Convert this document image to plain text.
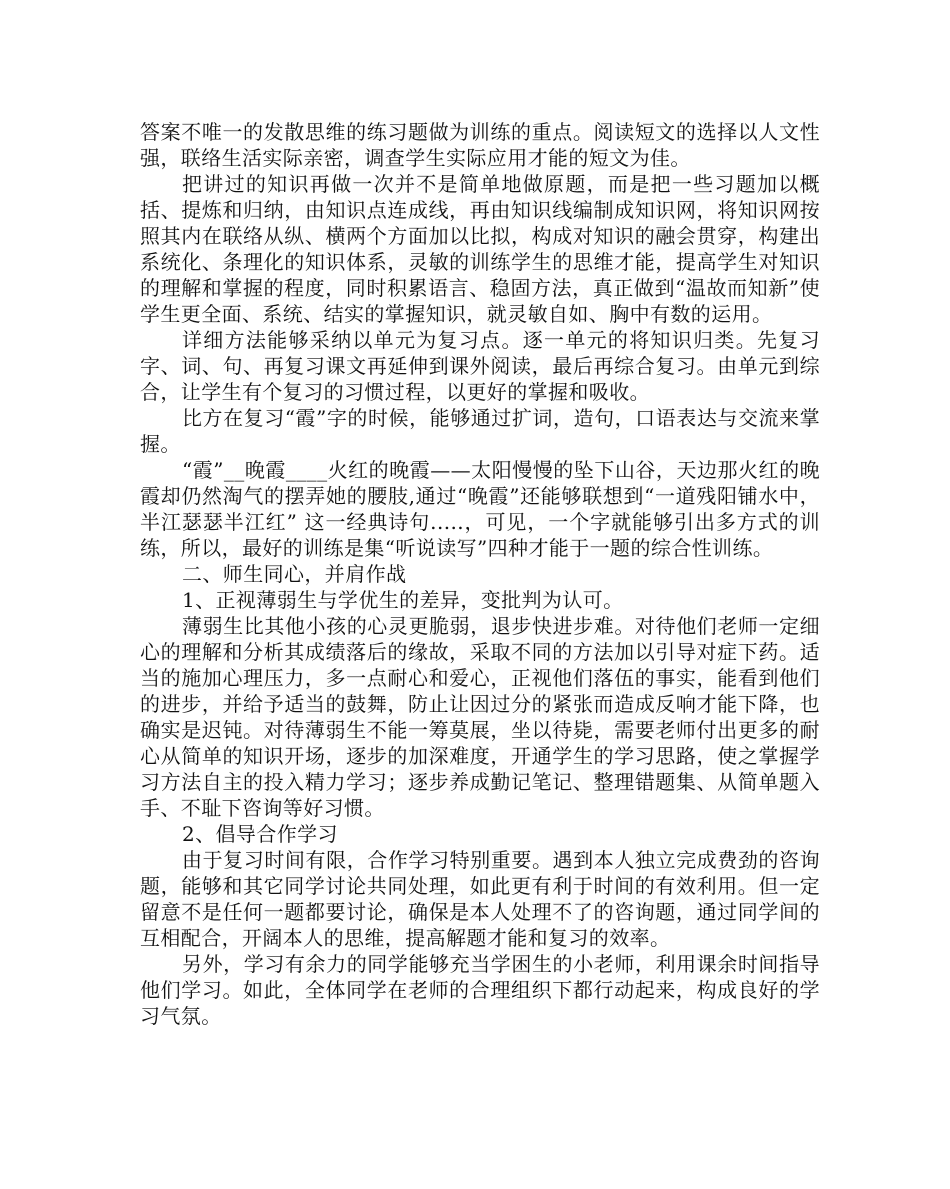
答案不唯一的发散思维的练习题做为训练的重点。阅读短文的选择以人文性强，联络生活实际亲密，调查学生实际应用才能的短文为佳。

把讲过的知识再做一次并不是简单地做原题，而是把一些习题加以概括、提炼和归纳，由知识点连成线，再由知识线编制成知识网，将知识网按照其内在联络从纵、横两个方面加以比拟，构成对知识的融会贯穿，构建出系统化、条理化的知识体系，灵敏的训练学生的思维才能，提高学生对知识的理解和掌握的程度，同时积累语言、稳固方法，真正做到“温故而知新”使学生更全面、系统、结实的掌握知识，就灵敏自如、胸中有数的运用。

详细方法能够采纳以单元为复习点。逐一单元的将知识归类。先复习字、词、句、再复习课文再延伸到课外阅读，最后再综合复习。由单元到综合，让学生有个复习的习惯过程，以更好的掌握和吸收。

比方在复习“霞”字的时候，能够通过扩词，造句，口语表达与交流来掌握。

“霞”__晚霞____火红的晚霞——太阳慢慢的坠下山谷，天边那火红的晚霞却仍然淘气的摆弄她的腰肢,通过“晚霞”还能够联想到“一道残阳铺水中，半江瑟瑟半江红” 这一经典诗句.....，可见，一个字就能够引出多方式的训练，所以，最好的训练是集“听说读写”四种才能于一题的综合性训练。

二、师生同心，并肩作战

1、正视薄弱生与学优生的差异，变批判为认可。

薄弱生比其他小孩的心灵更脆弱，退步快进步难。对待他们老师一定细心的理解和分析其成绩落后的缘故，采取不同的方法加以引导对症下药。适当的施加心理压力，多一点耐心和爱心，正视他们落伍的事实，能看到他们的进步，并给予适当的鼓舞，防止让因过分的紧张而造成反响才能下降，也确实是迟钝。对待薄弱生不能一筹莫展，坐以待毙，需要老师付出更多的耐心从简单的知识开场，逐步的加深难度，开通学生的学习思路，使之掌握学习方法自主的投入精力学习；逐步养成勤记笔记、整理错题集、从简单题入手、不耻下咨询等好习惯。

2、倡导合作学习

由于复习时间有限，合作学习特别重要。遇到本人独立完成费劲的咨询题，能够和其它同学讨论共同处理，如此更有利于时间的有效利用。但一定留意不是任何一题都要讨论，确保是本人处理不了的咨询题，通过同学间的互相配合，开阔本人的思维，提高解题才能和复习的效率。

另外，学习有余力的同学能够充当学困生的小老师，利用课余时间指导他们学习。如此，全体同学在老师的合理组织下都行动起来，构成良好的学习气氛。
